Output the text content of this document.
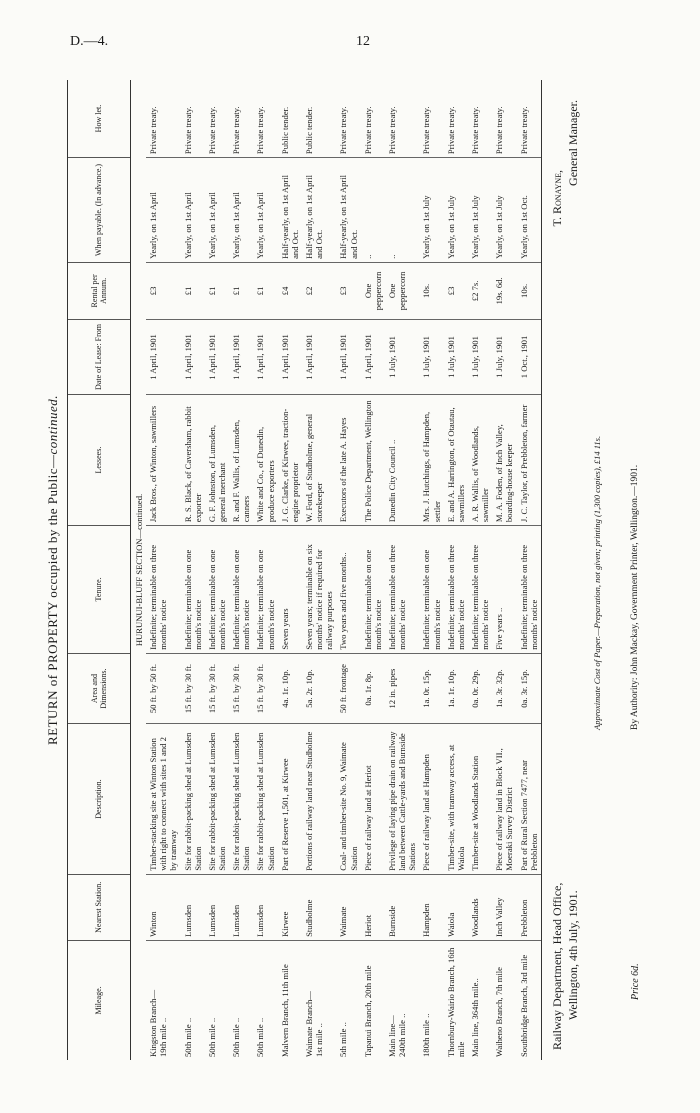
D.—4.	12
RETURN of PROPERTY occupied by the Public—continued.
Mileage.	Nearest Station.	Description.	Area and Dimensions.	Tenure.	Lessees.	Date of Lease: From	Rental per Annum.	When payable. (In advance.)	How let.
HURUNUI-BLUFF SECTION—continued.									
Kingston Branch—
19th mile ..	Winton	Timber-stacking site at Winton Station with right to connect with sites 1 and 2 by tramway	50 ft. by 50 ft.	Indefinite; terminable on three months' notice	Jack Bros., of Winton, sawmillers	1 April, 1901	£3	Yearly, on 1st April	Private treaty.
50th mile ..	Lumsden	Site for rabbit-packing shed at Lumsden Station	15 ft. by 30 ft.	Indefinite; terminable on one month's notice	R. S. Black, of Caversham, rabbit exporter	1 April, 1901	£1	Yearly, on 1st April	Private treaty.
50th mile ..	Lumsden	Site for rabbit-packing shed at Lumsden Station	15 ft. by 30 ft.	Indefinite; terminable on one month's notice	G. F. Johnston, of Lumsden, general merchant	1 April, 1901	£1	Yearly, on 1st April	Private treaty.
50th mile ..	Lumsden	Site for rabbit-packing shed at Lumsden Station	15 ft. by 30 ft.	Indefinite; terminable on one month's notice	R. and F. Wallis, of Lumsden, canners	1 April, 1901	£1	Yearly, on 1st April	Private treaty.
50th mile ..	Lumsden	Site for rabbit-packing shed at Lumsden Station	15 ft. by 30 ft.	Indefinite; terminable on one month's notice	White and Co., of Dunedin, produce exporters	1 April, 1901	£1	Yearly, on 1st April	Private treaty.
Malvern Branch, 11th mile	Kirwee	Part of Reserve 1,501, at Kirwee	4a. 1r. 10p.	Seven years	J. G. Clarke, of Kirwee, traction-engine proprietor	1 April, 1901	£4	Half-yearly, on 1st April and Oct.	Public tender.
Waimate Branch—
1st mile ..	Studholme	Portions of railway land near Studholme	5a. 2r. 10p.	Seven years; terminable on six months' notice if required for railway purposes	W. Ford, of Studholme, general storekeeper	1 April, 1901	£2	Half-yearly, on 1st April and Oct.	Public tender.
5th mile ..	Waimate	Coal- and timber-site No. 9, Waimate Station	50 ft. frontage	Two years and five months..	Executors of the late A. Hayes	1 April, 1901	£3	Half-yearly, on 1st April and Oct.	Private treaty.
Tapanui Branch, 20th mile	Heriot	Piece of railway land at Heriot	0a. 1r. 8p.	Indefinite; terminable on one month's notice	The Police Department, Wellington	1 April, 1901	One peppercorn	..	Private treaty.
Main line—
240th mile ..	Burnside	Privilege of laying pipe drain on railway land between Cattle-yards and Burnside Stations	12 in. pipes	Indefinite; terminable on three months' notice	Dunedin City Council ..	1 July, 1901	One peppercorn	..	Private treaty.
180th mile ..	Hampden	Piece of railway land at Hampden	1a. 0r. 15p.	Indefinite; terminable on one month's notice	Mrs. J. Hutchings, of Hampden, settler	1 July, 1901	10s.	Yearly, on 1st July	Private treaty.
Thornbury-Wairio Branch, 16th mile	Waiola	Timber-site, with tramway access, at Waiola	1a. 1r. 10p.	Indefinite; terminable on three months' notice	E. and A. Harrington, of Otautau, sawmillers	1 July, 1901	£3	Yearly, on 1st July	Private treaty.
Main line, 364th mile..	Woodlands	Timber-site at Woodlands Station	0a. 0r. 29p.	Indefinite; terminable on three months' notice	A. R. Wallis, of Woodlands, sawmiller	1 July, 1901	£2 7s.	Yearly, on 1st July	Private treaty.
Waiheno Branch, 7th mile	Inch Valley	Piece of railway land in Block VII., Moeraki Survey District	1a. 3r. 32p.	Five years ..	M. A. Foden, of Inch Valley, boarding-house keeper	1 July, 1901	19s. 6d.	Yearly, on 1st July	Private treaty.
Southbridge Branch, 3rd mile	Prebbleton	Part of Rural Section 7477, near Prebbleton	0a. 3r. 15p.	Indefinite; terminable on three months' notice	J. C. Taylor, of Prebbleton, farmer	1 Oct., 1901	10s.	Yearly, on 1st Oct.	Private treaty.
Railway Department, Head Office, Wellington, 4th July, 1901.
T. Ronayne,
General Manager.
Approximate Cost of Paper.—Preparation, not given; printing (1,300 copies), £14 11s.
Price 6d.
By Authority: John Mackay, Government Printer, Wellington.—1901.
